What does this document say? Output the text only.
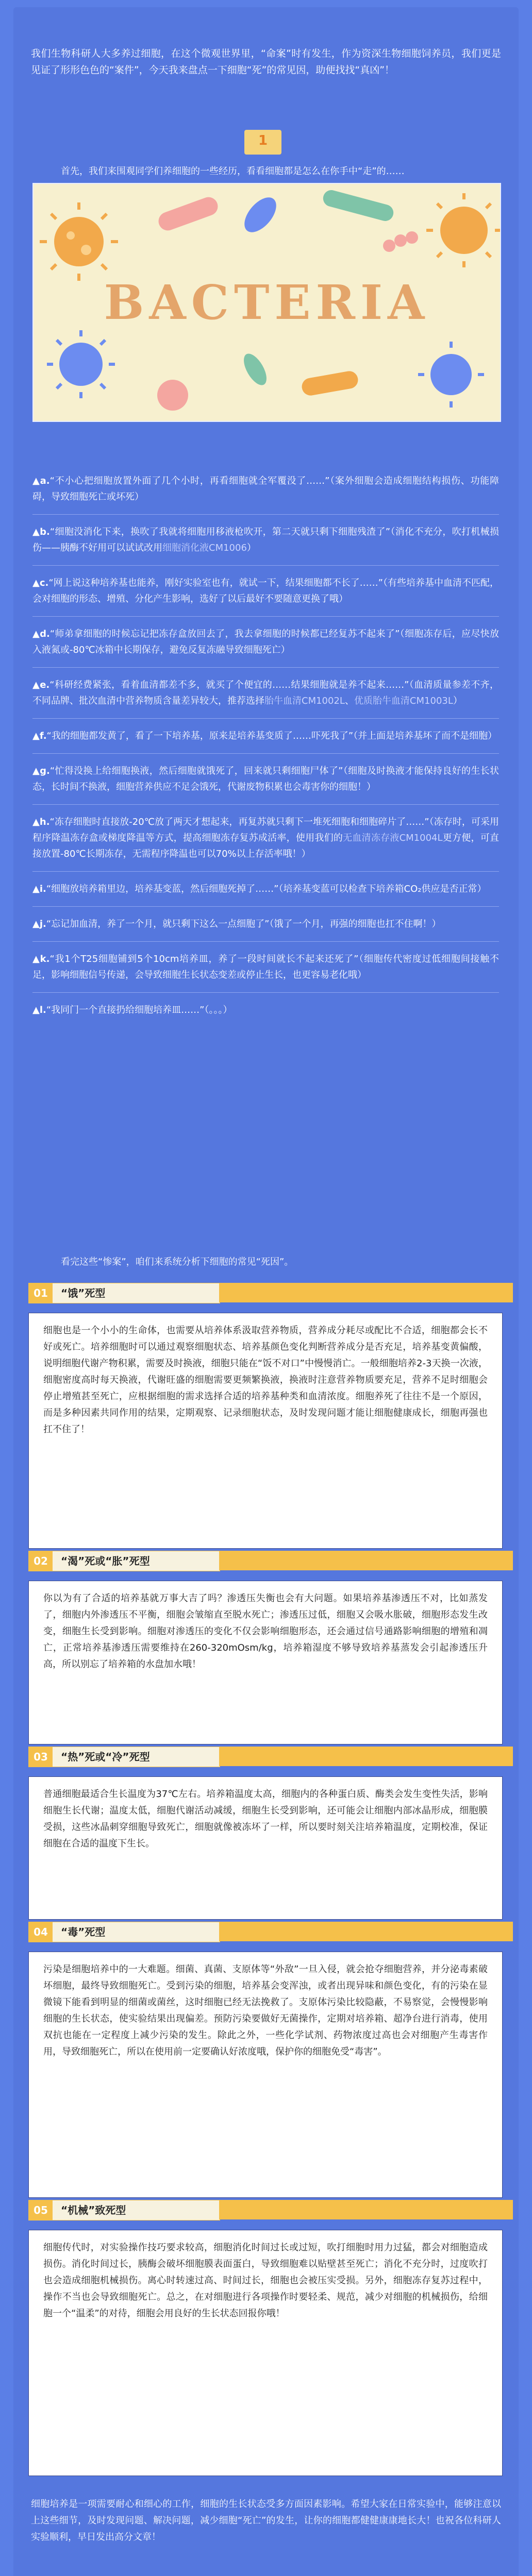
我们生物科研人大多养过细胞，在这个微观世界里，“命案”时有发生，作为资深生物细胞饲养员，我们更是见证了形形色色的“案件”，今天我来盘点一下细胞“死”的常见因，助便找找“真凶”！
1
首先，我们来围观同学们养细胞的一些经历，看看细胞都是怎么在你手中“走”的……
BACTERIA
▲a.“不小心把细胞放置外面了几个小时，再看细胞就全军覆没了……”（案外细胞会造成细胞结构损伤、功能障碍，导致细胞死亡或坏死）
▲b.“细胞没消化下来，换吹了我就将细胞用移液枪吹开，第二天就只剩下细胞残渣了”（消化不充分，吹打机械损伤——胰酶不好用可以试试改用细胞消化液CM1006）
▲c.“网上说这种培养基也能养，刚好实验室也有，就试一下，结果细胞都不长了……”（有些培养基中血清不匹配，会对细胞的形态、增殖、分化产生影响，选好了以后最好不要随意更换了哦）
▲d.“师弟拿细胞的时候忘记把冻存盒放回去了，我去拿细胞的时候都已经复苏不起来了”（细胞冻存后，应尽快放入液氮或-80℃冰箱中长期保存，避免反复冻融导致细胞死亡）
▲e.“科研经费紧张，看着血清都差不多，就买了个便宜的……结果细胞就是养不起来……”（血清质量参差不齐，不同品牌、批次血清中营养物质含量差异较大，推荐选择胎牛血清CM1002L、优质胎牛血清CM1003L）
▲f.“我的细胞都发黄了，看了一下培养基，原来是培养基变质了……吓死我了”（并上面是培养基坏了而不是细胞）
▲g.“忙得没换上给细胞换液，然后细胞就饿死了，回来就只剩细胞尸体了”（细胞及时换液才能保持良好的生长状态，长时间不换液，细胞营养供应不足会饿死，代谢废物积累也会毒害你的细胞！）
▲h.“冻存细胞时直接放-20℃放了两天才想起来，再复苏就只剩下一堆死细胞和细胞碎片了……”（冻存时，可采用程序降温冻存盒或梯度降温等方式，提高细胞冻存复苏成活率，使用我们的无血清冻存液CM1004L更方便，可直接放置-80℃长期冻存，无需程序降温也可以70%以上存活率哦！）
▲i.“细胞放培养箱里边，培养基变蓝，然后细胞死掉了……”（培养基变蓝可以检查下培养箱CO₂供应是否正常）
▲j.“忘记加血清，养了一个月，就只剩下这么一点细胞了”（饿了一个月，再强的细胞也扛不住啊！）
▲k.“我1个T25细胞铺到5个10cm培养皿，养了一段时间就长不起来还死了”（细胞传代密度过低细胞间接触不足，影响细胞信号传递，会导致细胞生长状态变差或停止生长，也更容易老化哦）
▲l.“我同门一个直接扔给细胞培养皿……”（。。。）
看完这些“惨案”，咱们来系统分析下细胞的常见“死因”。
01	“饿”死型

细胞也是一个小小的生命体，也需要从培养体系汲取营养物质，营养成分耗尽或配比不合适，细胞都会长不好或死亡。培养细胞时可以通过观察细胞状态、培养基颜色变化判断营养成分是否充足，培养基变黄偏酸，说明细胞代谢产物积累，需要及时换液，细胞只能在“饭不对口”中慢慢消亡。一般细胞培养2-3天换一次液，细胞密度高时每天换液，代谢旺盛的细胞需要更频繁换液，换液时注意营养物质要充足，营养不足时细胞会停止增殖甚至死亡，应根据细胞的需求选择合适的培养基种类和血清浓度。细胞养死了往往不是一个原因，而是多种因素共同作用的结果，定期观察、记录细胞状态，及时发现问题才能让细胞健康成长，细胞再强也扛不住了！

02	“渴”死或“胀”死型

你以为有了合适的培养基就万事大吉了吗？渗透压失衡也会有大问题。如果培养基渗透压不对，比如蒸发了，细胞内外渗透压不平衡，细胞会皱缩直至脱水死亡；渗透压过低，细胞又会吸水胀破，细胞形态发生改变，细胞生长受到影响。细胞对渗透压的变化不仅会影响细胞形态，还会通过信号通路影响细胞的增殖和凋亡，正常培养基渗透压需要维持在260-320mOsm/kg，培养箱湿度不够导致培养基蒸发会引起渗透压升高，所以别忘了培养箱的水盘加水哦！

03	“热”死或“冷”死型

普通细胞最适合生长温度为37℃左右。培养箱温度太高，细胞内的各种蛋白质、酶类会发生变性失活，影响细胞生长代谢；温度太低，细胞代谢活动减缓，细胞生长受到影响，还可能会让细胞内部冰晶形成，细胞膜受损，这些冰晶刺穿细胞导致死亡，细胞就像被冻坏了一样，所以要时刻关注培养箱温度，定期校准，保证细胞在合适的温度下生长。

04	“毒”死型

污染是细胞培养中的一大难题。细菌、真菌、支原体等“外敌”一旦入侵，就会抢夺细胞营养，并分泌毒素破坏细胞，最终导致细胞死亡。受到污染的细胞，培养基会变浑浊，或者出现异味和颜色变化，有的污染在显微镜下能看到明显的细菌或菌丝，这时细胞已经无法挽救了。支原体污染比较隐蔽，不易察觉，会慢慢影响细胞的生长状态，使实验结果出现偏差。预防污染要做好无菌操作，定期对培养箱、超净台进行消毒，使用双抗也能在一定程度上减少污染的发生。除此之外，一些化学试剂、药物浓度过高也会对细胞产生毒害作用，导致细胞死亡，所以在使用前一定要确认好浓度哦，保护你的细胞免受“毒害”。

05	“机械”致死型

细胞传代时，对实验操作技巧要求较高，细胞消化时间过长或过短，吹打细胞时用力过猛，都会对细胞造成损伤。消化时间过长，胰酶会破坏细胞膜表面蛋白，导致细胞难以贴壁甚至死亡；消化不充分时，过度吹打也会造成细胞机械损伤。离心时转速过高、时间过长，细胞也会被压实受损。另外，细胞冻存复苏过程中，操作不当也会导致细胞死亡。总之，在对细胞进行各项操作时要轻柔、规范，减少对细胞的机械损伤，给细胞一个“温柔”的对待，细胞会用良好的生长状态回报你哦！

细胞培养是一项需要耐心和细心的工作，细胞的生长状态受多方面因素影响。希望大家在日常实验中，能够注意以上这些细节，及时发现问题、解决问题，减少细胞“死亡”的发生，让你的细胞都健健康康地长大！也祝各位科研人实验顺利，早日发出高分文章！
